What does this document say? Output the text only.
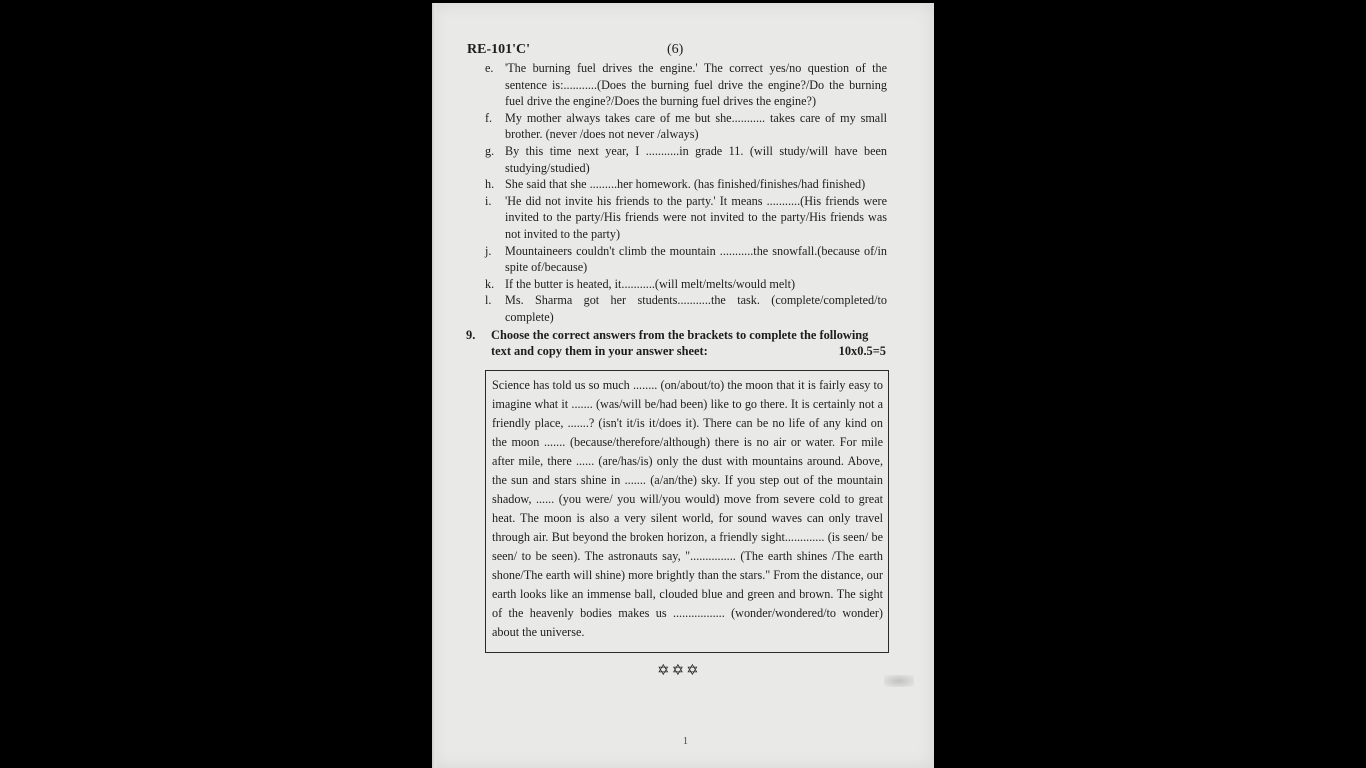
RE-101'C'	(6)
e. 'The burning fuel drives the engine.' The correct yes/no question of the sentence is:...........(Does the burning fuel drive the engine?/Do the burning fuel drive the engine?/Does the burning fuel drives the engine?)
f.	My mother always takes care of me but she........... takes care of my small brother. (never /does not never /always)
g. By this time next year, I ...........in grade 11. (will study/will have been studying/studied)
h. She said that she .........her homework. (has finished/finishes/had finished)
i.	'He did not invite his friends to the party.' It means ...........(His friends were invited to the party/His friends were not invited to the party/His friends was not invited to the party)
j.	Mountaineers couldn't climb the mountain ...........the snowfall.(because of/in spite of/because)
k. If the butter is heated, it...........(will melt/melts/would melt)
l.	Ms. Sharma got her students...........the task. (complete/completed/to complete)
9.	Choose the correct answers from the brackets to complete the following
text and copy them in your answer sheet:	10x0.5=5

Science has told us so much ........ (on/about/to) the moon that it is fairly easy to imagine what it ....... (was/will be/had been) like to go there. It is certainly not a friendly place, .......? (isn't it/is it/does it). There can be no life of any kind on the moon ....... (because/therefore/although) there is no air or water. For mile after mile, there ...... (are/has/is) only the dust with mountains around. Above, the sun and stars shine in ....... (a/an/the) sky. If you step out of the mountain shadow, ...... (you were/ you will/you would) move from severe cold to great heat. The moon is also a very silent world, for sound waves can only travel through air. But beyond the broken horizon, a friendly sight............. (is seen/ be seen/ to be seen). The astronauts say, "............... (The earth shines /The earth shone/The earth will shine) more brightly than the stars." From the distance, our earth looks like an immense ball, clouded blue and green and brown. The sight of the heavenly bodies makes us ................. (wonder/wondered/to wonder) about the universe.

✡✡✡
1
